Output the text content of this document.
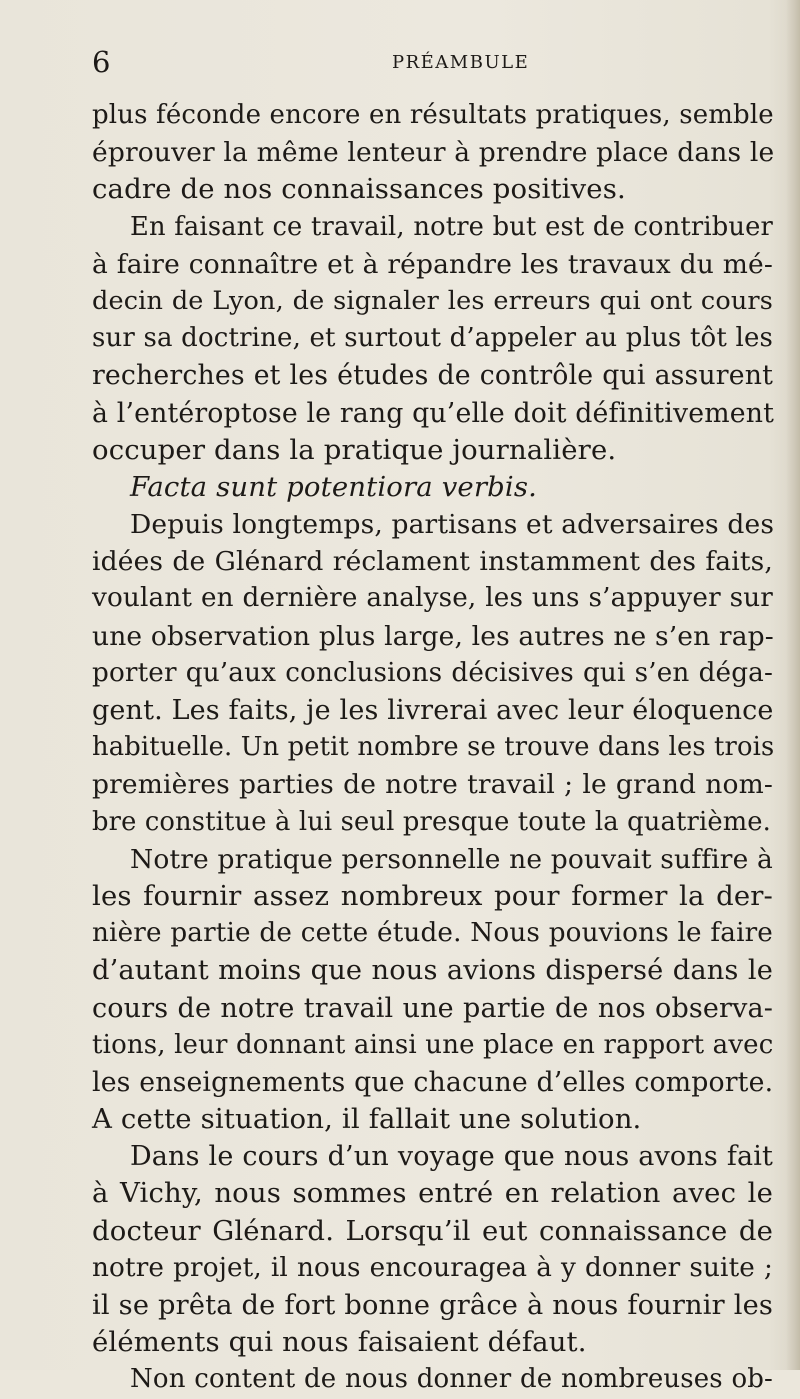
6	PRÉAMBULE
plus féconde encore en résultats pratiques, semble
éprouver la même lenteur à prendre place dans le
cadre de nos connaissances positives.
En faisant ce travail, notre but est de contribuer
à faire connaître et à répandre les travaux du mé-
decin de Lyon, de signaler les erreurs qui ont cours
sur sa doctrine, et surtout d’appeler au plus tôt les
recherches et les études de contrôle qui assurent
à l’entéroptose le rang qu’elle doit définitivement
occuper dans la pratique journalière.
Facta sunt potentiora verbis.
Depuis longtemps, partisans et adversaires des
idées de Glénard réclament instamment des faits,
voulant en dernière analyse, les uns s’appuyer sur
une observation plus large, les autres ne s’en rap-
porter qu’aux conclusions décisives qui s’en déga-
gent. Les faits, je les livrerai avec leur éloquence
habituelle. Un petit nombre se trouve dans les trois
premières parties de notre travail ; le grand nom-
bre constitue à lui seul presque toute la quatrième.
Notre pratique personnelle ne pouvait suffire à
les fournir assez nombreux pour former la der-
nière partie de cette étude. Nous pouvions le faire
d’autant moins que nous avions dispersé dans le
cours de notre travail une partie de nos observa-
tions, leur donnant ainsi une place en rapport avec
les enseignements que chacune d’elles comporte.
A cette situation, il fallait une solution.
Dans le cours d’un voyage que nous avons fait
à Vichy, nous sommes entré en relation avec le
docteur Glénard. Lorsqu’il eut connaissance de
notre projet, il nous encouragea à y donner suite ;
il se prêta de fort bonne grâce à nous fournir les
éléments qui nous faisaient défaut.
Non content de nous donner de nombreuses ob-
